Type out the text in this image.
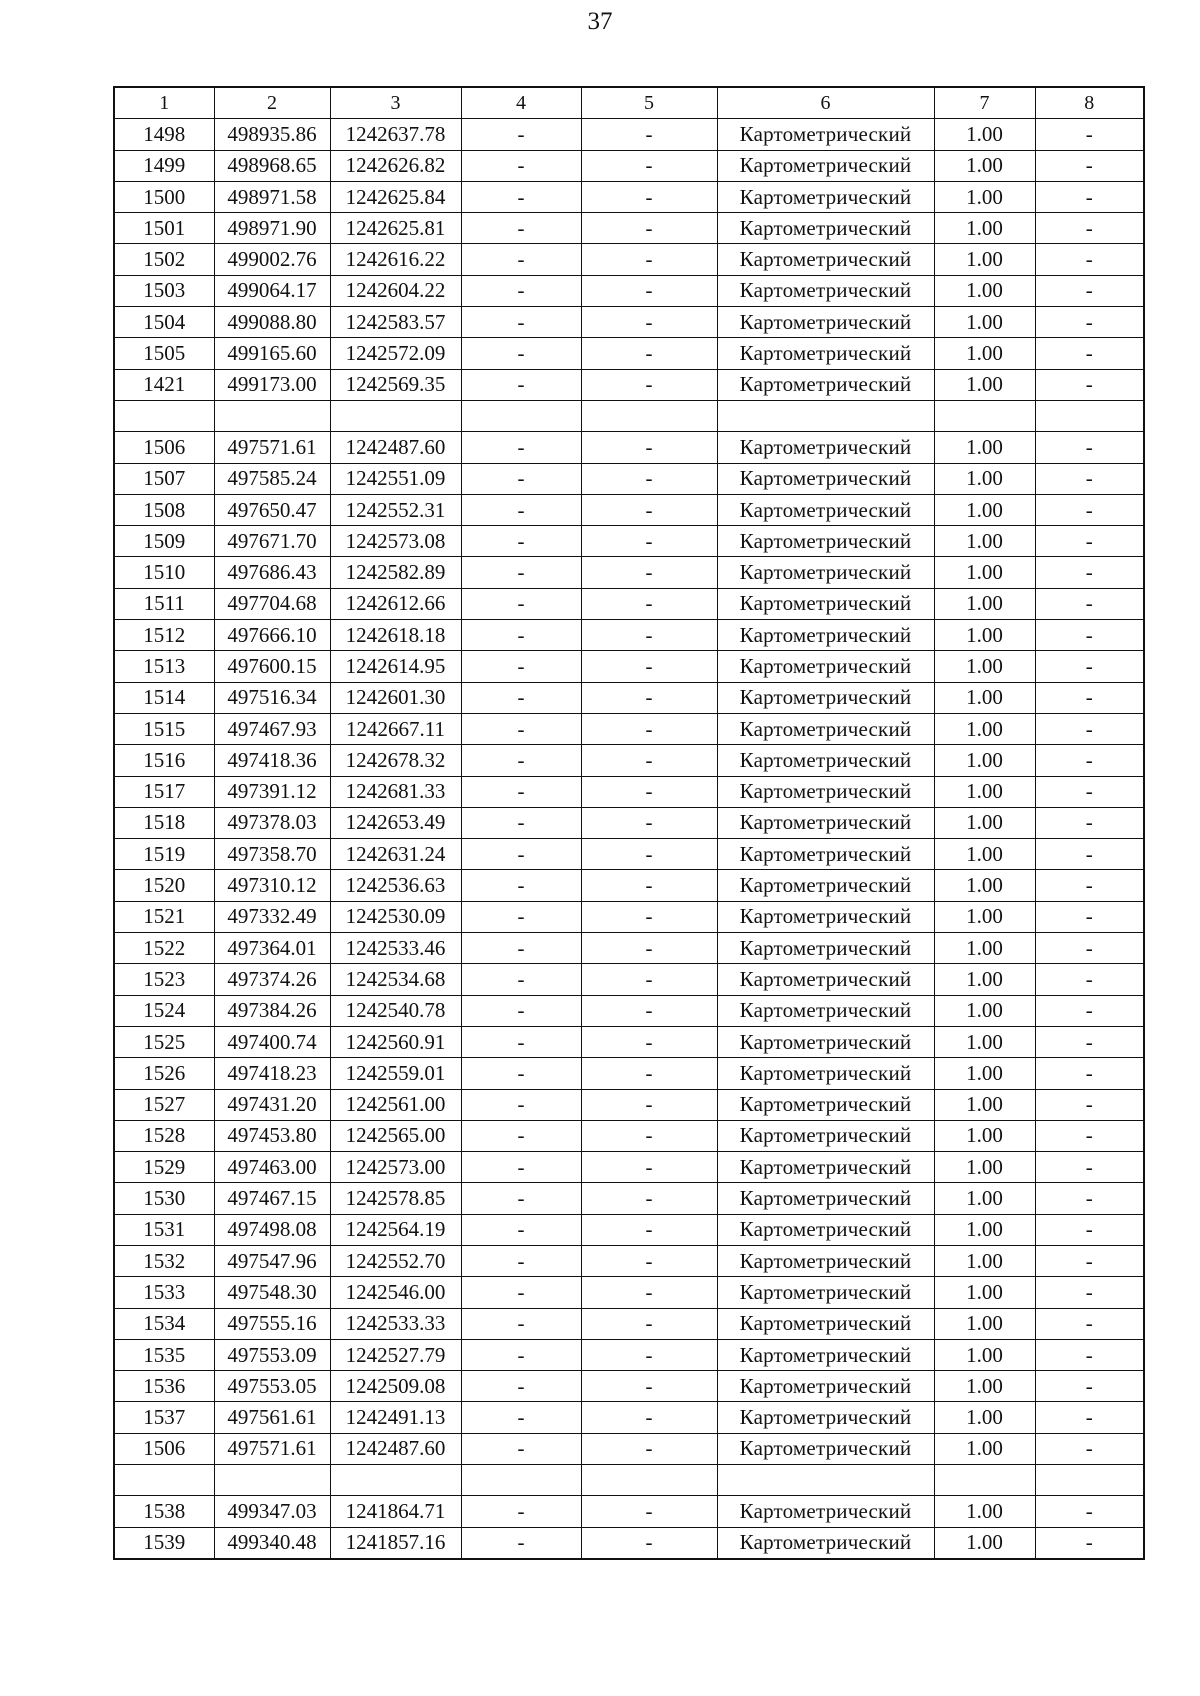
37
1	2	3	4	5	6	7	8
1498	498935.86	1242637.78	-	-	Картометрический	1.00	-
1499	498968.65	1242626.82	-	-	Картометрический	1.00	-
1500	498971.58	1242625.84	-	-	Картометрический	1.00	-
1501	498971.90	1242625.81	-	-	Картометрический	1.00	-
1502	499002.76	1242616.22	-	-	Картометрический	1.00	-
1503	499064.17	1242604.22	-	-	Картометрический	1.00	-
1504	499088.80	1242583.57	-	-	Картометрический	1.00	-
1505	499165.60	1242572.09	-	-	Картометрический	1.00	-
1421	499173.00	1242569.35	-	-	Картометрический	1.00	-

1506	497571.61	1242487.60	-	-	Картометрический	1.00	-
1507	497585.24	1242551.09	-	-	Картометрический	1.00	-
1508	497650.47	1242552.31	-	-	Картометрический	1.00	-
1509	497671.70	1242573.08	-	-	Картометрический	1.00	-
1510	497686.43	1242582.89	-	-	Картометрический	1.00	-
1511	497704.68	1242612.66	-	-	Картометрический	1.00	-
1512	497666.10	1242618.18	-	-	Картометрический	1.00	-
1513	497600.15	1242614.95	-	-	Картометрический	1.00	-
1514	497516.34	1242601.30	-	-	Картометрический	1.00	-
1515	497467.93	1242667.11	-	-	Картометрический	1.00	-
1516	497418.36	1242678.32	-	-	Картометрический	1.00	-
1517	497391.12	1242681.33	-	-	Картометрический	1.00	-
1518	497378.03	1242653.49	-	-	Картометрический	1.00	-
1519	497358.70	1242631.24	-	-	Картометрический	1.00	-
1520	497310.12	1242536.63	-	-	Картометрический	1.00	-
1521	497332.49	1242530.09	-	-	Картометрический	1.00	-
1522	497364.01	1242533.46	-	-	Картометрический	1.00	-
1523	497374.26	1242534.68	-	-	Картометрический	1.00	-
1524	497384.26	1242540.78	-	-	Картометрический	1.00	-
1525	497400.74	1242560.91	-	-	Картометрический	1.00	-
1526	497418.23	1242559.01	-	-	Картометрический	1.00	-
1527	497431.20	1242561.00	-	-	Картометрический	1.00	-
1528	497453.80	1242565.00	-	-	Картометрический	1.00	-
1529	497463.00	1242573.00	-	-	Картометрический	1.00	-
1530	497467.15	1242578.85	-	-	Картометрический	1.00	-
1531	497498.08	1242564.19	-	-	Картометрический	1.00	-
1532	497547.96	1242552.70	-	-	Картометрический	1.00	-
1533	497548.30	1242546.00	-	-	Картометрический	1.00	-
1534	497555.16	1242533.33	-	-	Картометрический	1.00	-
1535	497553.09	1242527.79	-	-	Картометрический	1.00	-
1536	497553.05	1242509.08	-	-	Картометрический	1.00	-
1537	497561.61	1242491.13	-	-	Картометрический	1.00	-
1506	497571.61	1242487.60	-	-	Картометрический	1.00	-

1538	499347.03	1241864.71	-	-	Картометрический	1.00	-
1539	499340.48	1241857.16	-	-	Картометрический	1.00	-
